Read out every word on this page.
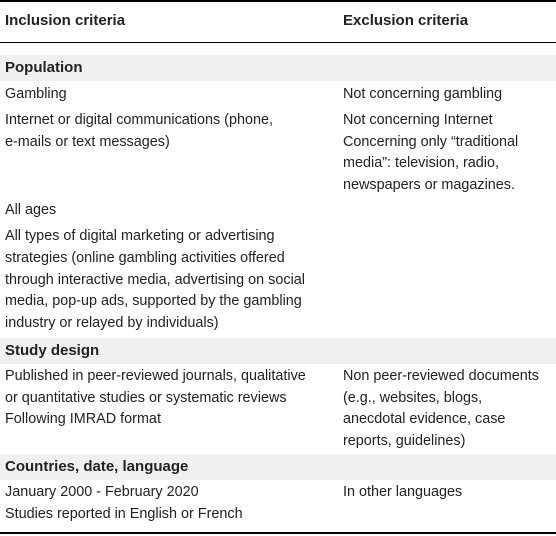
Inclusion criteria	Exclusion criteria
Population
Gambling	Not concerning gambling
Internet or digital communications (phone,
e-mails or text messages)
Not concerning Internet
Concerning only “traditional
media”: television, radio,
newspapers or magazines.
All ages
All types of digital marketing or advertising
strategies (online gambling activities offered
through interactive media, advertising on social
media, pop-up ads, supported by the gambling
industry or relayed by individuals)
Study design
Published in peer-reviewed journals, qualitative
or quantitative studies or systematic reviews
Following IMRAD format
Non peer-reviewed documents
(e.g., websites, blogs,
anecdotal evidence, case
reports, guidelines)
Countries, date, language
January 2000 - February 2020
Studies reported in English or French
In other languages
